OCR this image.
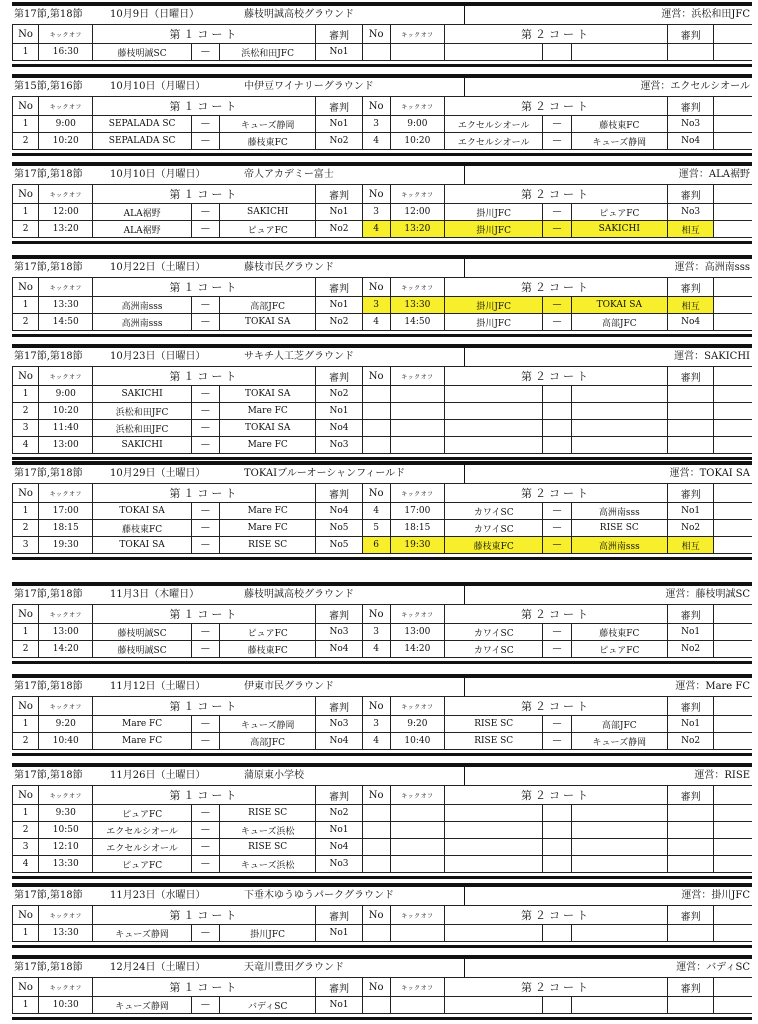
第17節,第18節	10月9日（日曜日）	藤枝明誠高校グラウンド	運営：浜松和田JFC
No	キックオフ	第１コート			審判	No	キックオフ	第２コート			審判	
1	16:30	藤枝明誠SC	—	浜松和田JFC	No1							
第15節,第16節	10月10日（月曜日）	中伊豆ワイナリーグラウンド	運営：エクセルシオール
No	キックオフ	第１コート			審判	No	キックオフ	第２コート			審判	
1	9:00	SEPALADA SC	—	キューズ静岡	No1	3	9:00	エクセルシオール	—	藤枝東FC	No3	
2	10:20	SEPALADA SC	—	藤枝東FC	No2	4	10:20	エクセルシオール	—	キューズ静岡	No4	
第17節,第18節	10月10日（月曜日）	帝人アカデミー富士	運営：ALA裾野
No	キックオフ	第１コート			審判	No	キックオフ	第２コート			審判	
1	12:00	ALA裾野	—	SAKICHI	No1	3	12:00	掛川JFC	—	ピュアFC	No3	
2	13:20	ALA裾野	—	ピュアFC	No2	4	13:20	掛川JFC	—	SAKICHI	相互	
第17節,第18節	10月22日（土曜日）	藤枝市民グラウンド	運営：高洲南sss
No	キックオフ	第１コート			審判	No	キックオフ	第２コート			審判	
1	13:30	高洲南sss	—	高部JFC	No1	3	13:30	掛川JFC	—	TOKAI SA	相互	
2	14:50	高洲南sss	—	TOKAI SA	No2	4	14:50	掛川JFC	—	高部JFC	No4	
第17節,第18節	10月23日（日曜日）	サキチ人工芝グラウンド	運営：SAKICHI
No	キックオフ	第１コート			審判	No	キックオフ	第２コート			審判	
1	9:00	SAKICHI	—	TOKAI SA	No2							
2	10:20	浜松和田JFC	—	Mare FC	No1							
3	11:40	浜松和田JFC	—	TOKAI SA	No4							
4	13:00	SAKICHI	—	Mare FC	No3							
第17節,第18節	10月29日（土曜日）	TOKAIブルーオーシャンフィールド	運営：TOKAI SA
No	キックオフ	第１コート			審判	No	キックオフ	第２コート			審判	
1	17:00	TOKAI SA	—	Mare FC	No4	4	17:00	カワイSC	—	高洲南sss	No1	
2	18:15	藤枝東FC	—	Mare FC	No5	5	18:15	カワイSC	—	RISE SC	No2	
3	19:30	TOKAI SA	—	RISE SC	No5	6	19:30	藤枝東FC	—	高洲南sss	相互	
第17節,第18節	11月3日（木曜日）	藤枝明誠高校グラウンド	運営：藤枝明誠SC
No	キックオフ	第１コート			審判	No	キックオフ	第２コート			審判	
1	13:00	藤枝明誠SC	—	ピュアFC	No3	3	13:00	カワイSC	—	藤枝東FC	No1	
2	14:20	藤枝明誠SC	—	藤枝東FC	No4	4	14:20	カワイSC	—	ピュアFC	No2	
第17節,第18節	11月12日（土曜日）	伊東市民グラウンド	運営：Mare FC
No	キックオフ	第１コート			審判	No	キックオフ	第２コート			審判	
1	9:20	Mare FC	—	キューズ静岡	No3	3	9:20	RISE SC	—	高部JFC	No1	
2	10:40	Mare FC	—	高部JFC	No4	4	10:40	RISE SC	—	キューズ静岡	No2	
第17節,第18節	11月26日（土曜日）	蒲原東小学校	運営：RISE
No	キックオフ	第１コート			審判	No	キックオフ	第２コート			審判	
1	9:30	ピュアFC	—	RISE SC	No2							
2	10:50	エクセルシオール	—	キューズ浜松	No1							
3	12:10	エクセルシオール	—	RISE SC	No4							
4	13:30	ピュアFC	—	キューズ浜松	No3							
第17節,第18節	11月23日（水曜日）	下垂木ゆうゆうパークグラウンド	運営：掛川JFC
No	キックオフ	第１コート			審判	No	キックオフ	第２コート			審判	
1	13:30	キューズ静岡	—	掛川JFC	No1							
第17節,第18節	12月24日（土曜日）	天竜川豊田グラウンド	運営：バディSC
No	キックオフ	第１コート			審判	No	キックオフ	第２コート			審判	
1	10:30	キューズ静岡	—	バディSC	No1							
